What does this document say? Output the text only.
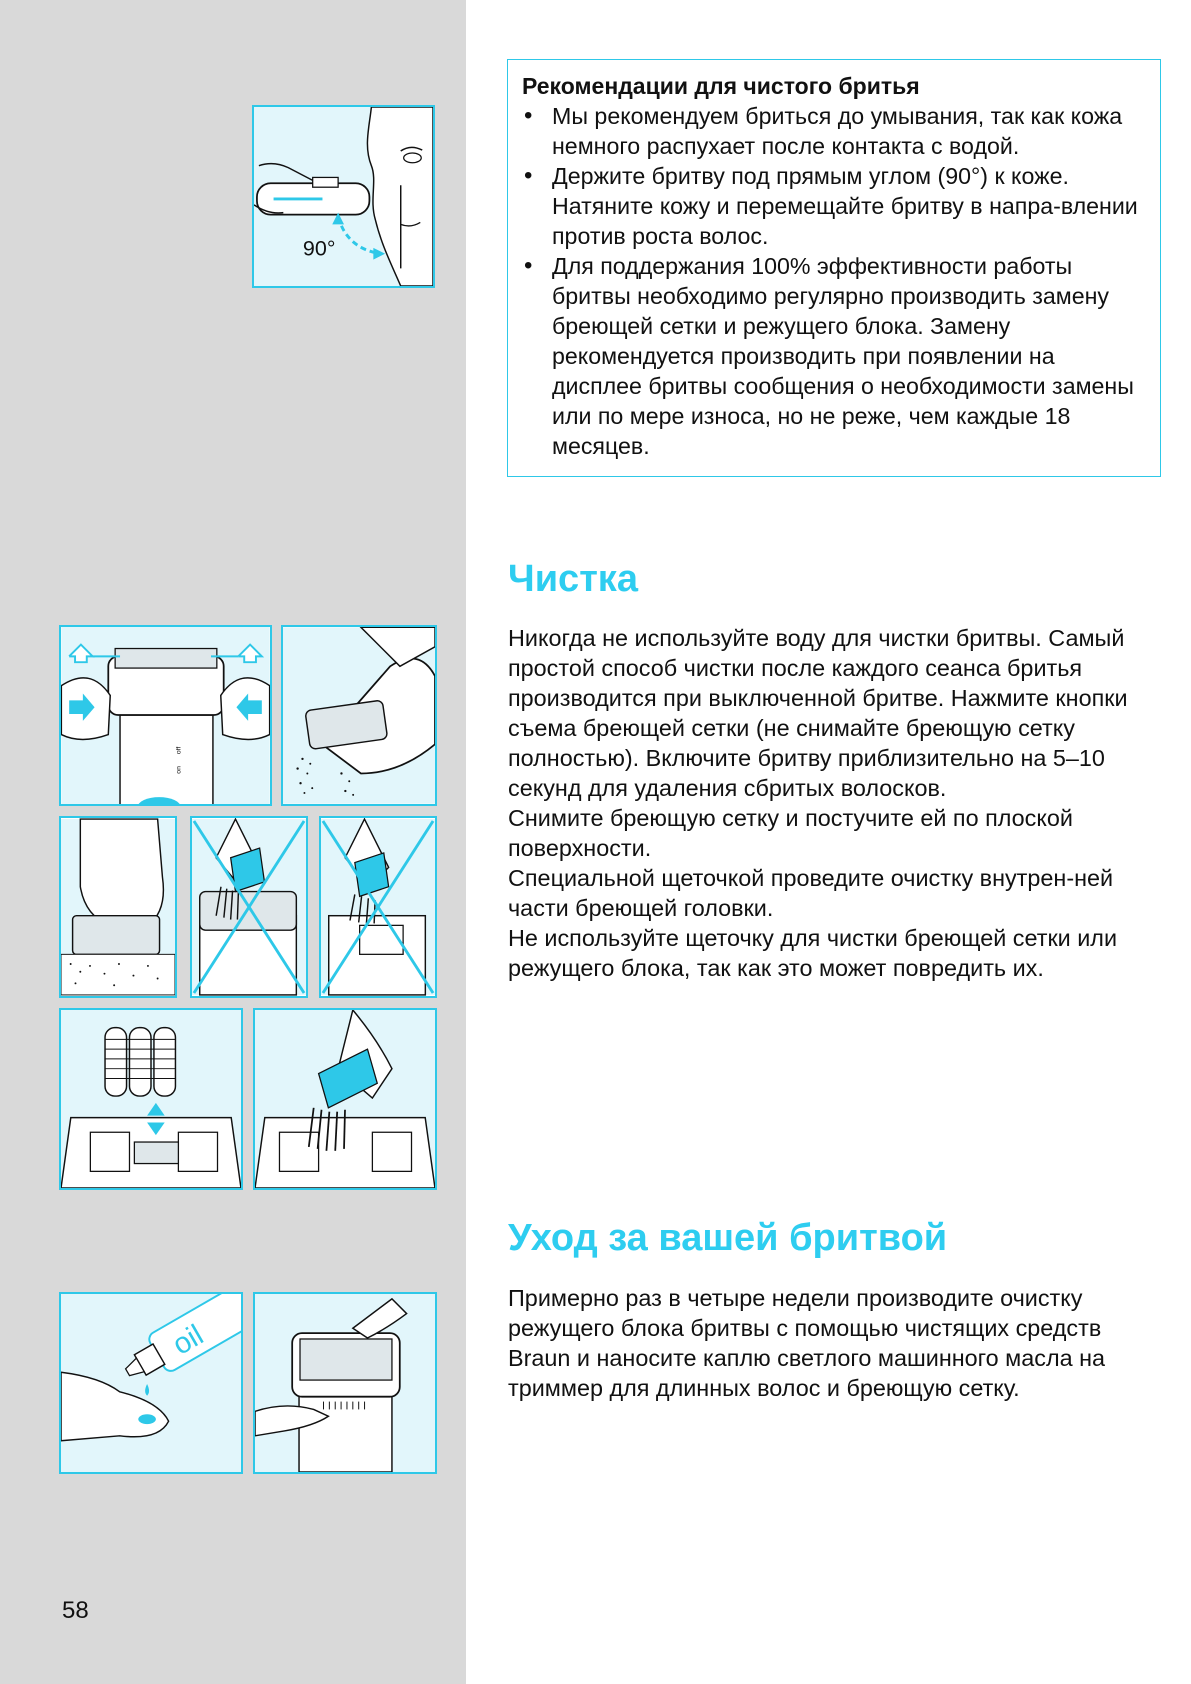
90°
off
on
oil

Рекомендации для чистого бритья

• Мы рекомендуем бриться до умывания, так как кожа немного распухает после контакта с водой.
• Держите бритву под прямым углом (90°) к коже. Натяните кожу и перемещайте бритву в напра-влении против роста волос.
• Для поддержания 100% эффективности работы бритвы необходимо регулярно производить замену бреющей сетки и режущего блока. Замену рекомендуется производить при появлении на дисплее бритвы сообщения о необходимости замены или по мере износа, но не реже, чем каждые 18 месяцев.
Чистка

Никогда не используйте воду для чистки бритвы. Самый простой способ чистки после каждого сеанса бритья производится при выключенной бритве. Нажмите кнопки съема бреющей сетки (не снимайте бреющую сетку полностью). Включите бритву приблизительно на 5–10 секунд для удаления сбритых волосков.

Снимите бреющую сетку и постучите ей по плоской поверхности.

Специальной щеточкой проведите очистку внутрен-ней части бреющей головки.

Не используйте щеточку для чистки бреющей сетки или режущего блока, так как это может повредить их.

Уход за вашей бритвой

Примерно раз в четыре недели производите очистку режущего блока бритвы с помощью чистящих средств Braun и наносите каплю светлого машинного масла на триммер для длинных волос и бреющую сетку.

58
